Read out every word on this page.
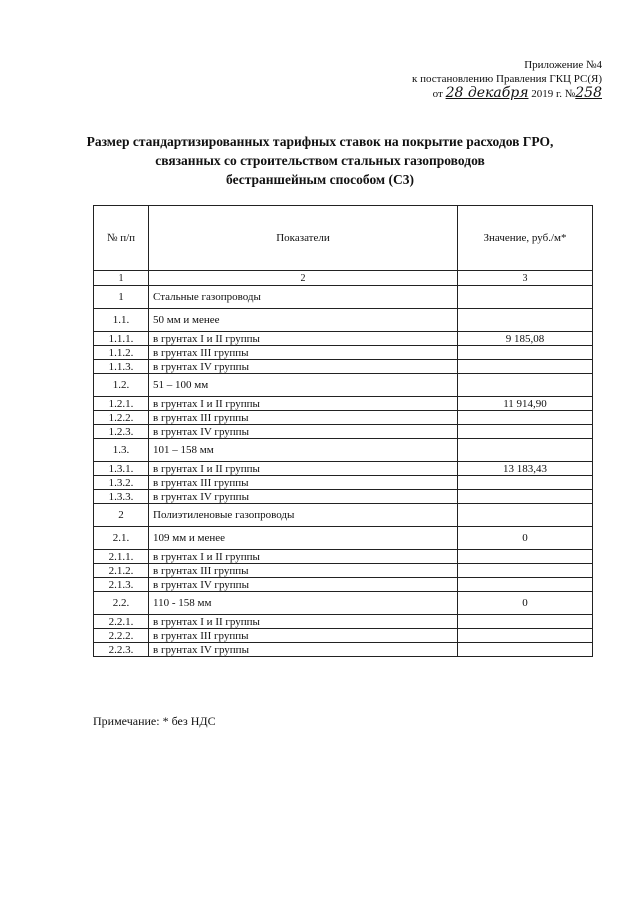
Приложение №4
к постановлению Правления ГКЦ РС(Я)
от 28 декабря 2019 г. №258
Размер стандартизированных тарифных ставок на покрытие расходов ГРО,
связанных со строительством стальных газопроводов
бестраншейным способом (С3)
№ п/п	Показатели	Значение, руб./м*
1	2	3
1	Стальные газопроводы	
1.1.	50 мм и менее	
1.1.1.	в грунтах I и II группы	9 185,08
1.1.2.	в грунтах III группы	
1.1.3.	в грунтах IV группы	
1.2.	51 – 100 мм	
1.2.1.	в грунтах I и II группы	11 914,90
1.2.2.	в грунтах III группы	
1.2.3.	в грунтах IV группы	
1.3.	101 – 158 мм	
1.3.1.	в грунтах I и II группы	13 183,43
1.3.2.	в грунтах III группы	
1.3.3.	в грунтах IV группы	
2	Полиэтиленовые газопроводы	
2.1.	109 мм и менее	0
2.1.1.	в грунтах I и II группы	
2.1.2.	в грунтах III группы	
2.1.3.	в грунтах IV группы	
2.2.	110 - 158 мм	0
2.2.1.	в грунтах I и II группы	
2.2.2.	в грунтах III группы	
2.2.3.	в грунтах IV группы	
Примечание: * без НДС
